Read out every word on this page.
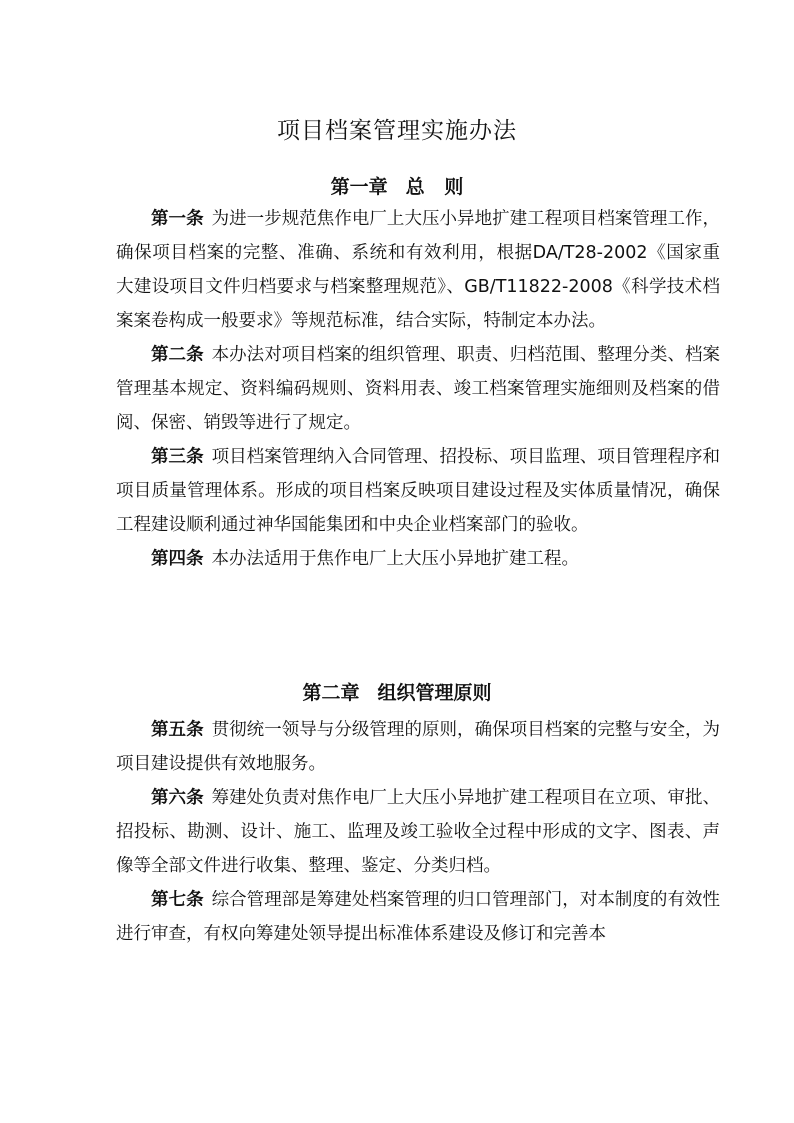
项目档案管理实施办法
第一章 总   则

第一条 为进一步规范焦作电厂上大压小异地扩建工程项目档案管理工作，确保项目档案的完整、准确、系统和有效利用，根据DA/T28-2002《国家重大建设项目文件归档要求与档案整理规范》、GB/T11822-2008《科学技术档案案卷构成一般要求》等规范标准，结合实际，特制定本办法。

第二条 本办法对项目档案的组织管理、职责、归档范围、整理分类、档案管理基本规定、资料编码规则、资料用表、竣工档案管理实施细则及档案的借阅、保密、销毁等进行了规定。

第三条 项目档案管理纳入合同管理、招投标、项目监理、项目管理程序和项目质量管理体系。形成的项目档案反映项目建设过程及实体质量情况，确保工程建设顺利通过神华国能集团和中央企业档案部门的验收。

第四条 本办法适用于焦作电厂上大压小异地扩建工程。

第二章 组织管理原则

第五条 贯彻统一领导与分级管理的原则，确保项目档案的完整与安全，为项目建设提供有效地服务。

第六条 筹建处负责对焦作电厂上大压小异地扩建工程项目在立项、审批、招投标、勘测、设计、施工、监理及竣工验收全过程中形成的文字、图表、声像等全部文件进行收集、整理、鉴定、分类归档。

第七条 综合管理部是筹建处档案管理的归口管理部门，对本制度的有效性进行审查，有权向筹建处领导提出标准体系建设及修订和完善本
